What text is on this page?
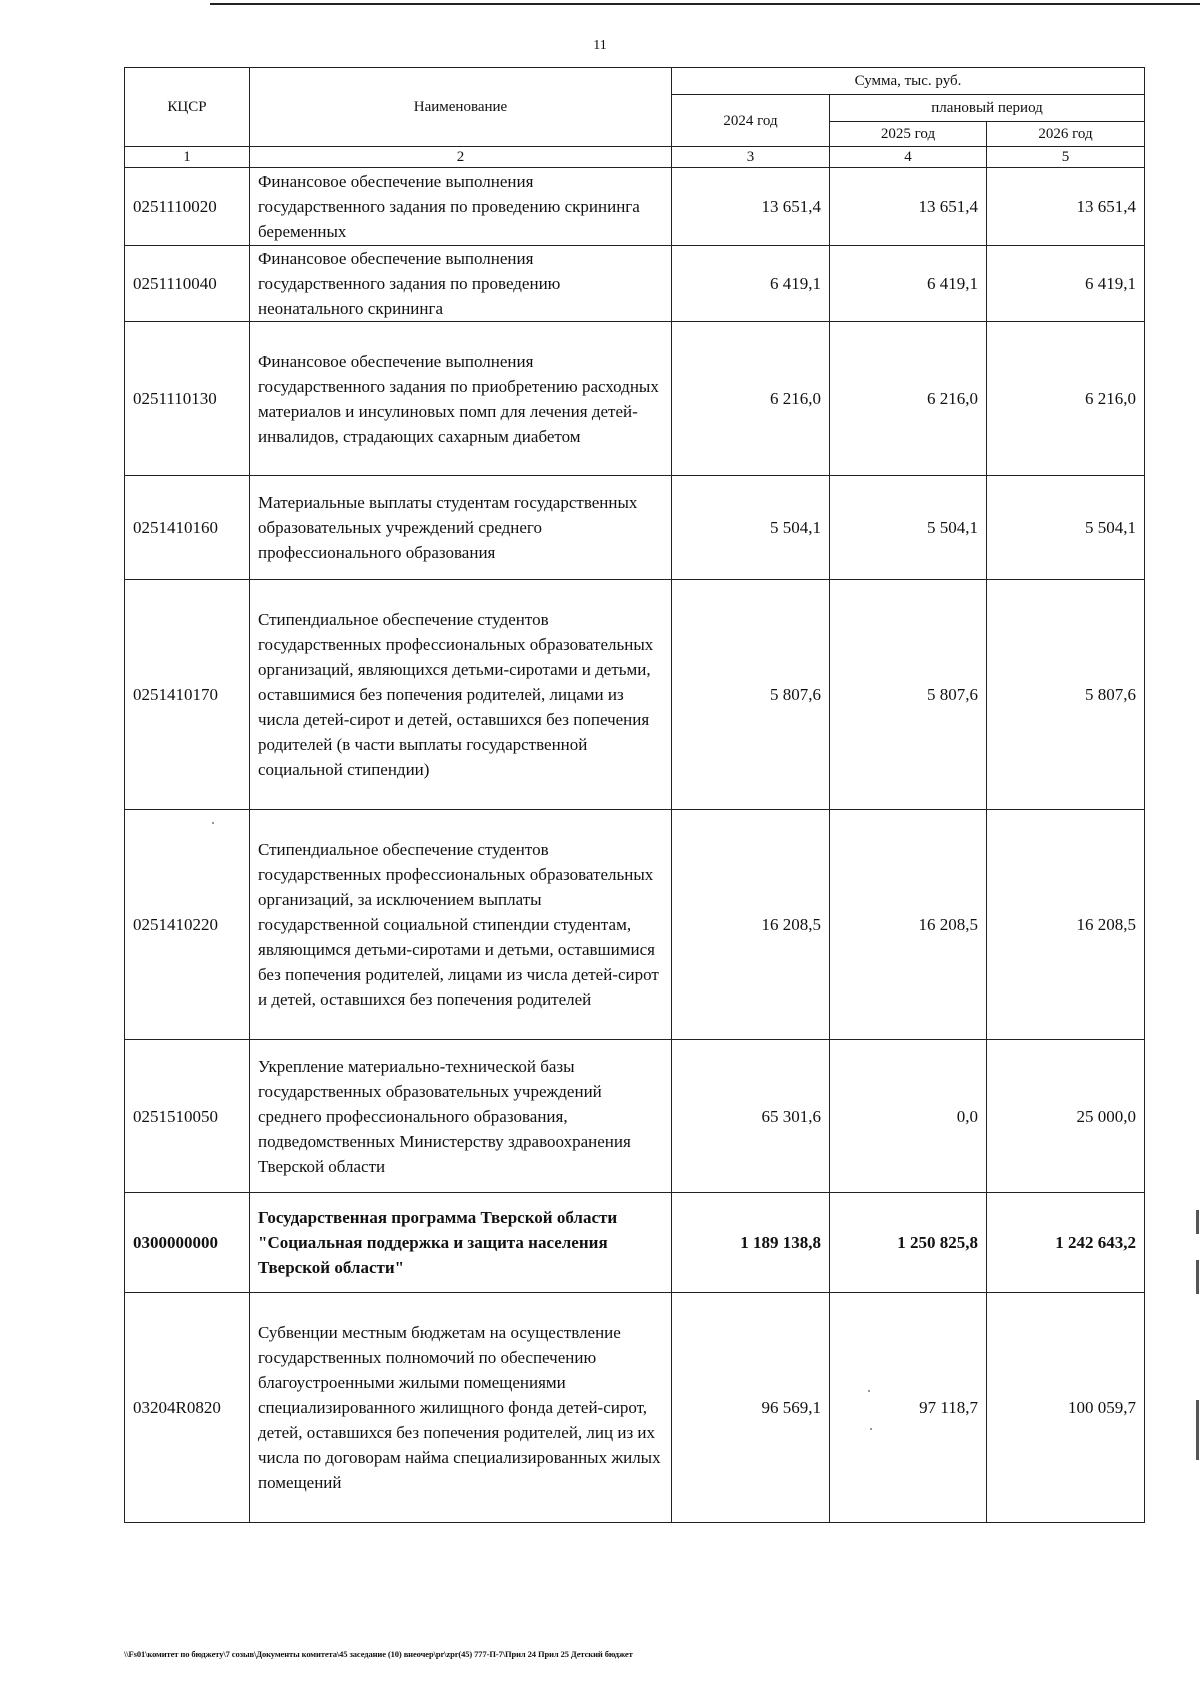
11
КЦСР	Наименование	Сумма, тыс. руб.		
		2024 год	плановый период	
			2025 год	2026 год
1	2	3	4	5
0251110020	Финансовое обеспечение выполнения государственного задания по проведению скрининга беременных	13 651,4	13 651,4	13 651,4
0251110040	Финансовое обеспечение выполнения государственного задания по проведению неонатального скрининга	6 419,1	6 419,1	6 419,1
0251110130	Финансовое обеспечение выполнения государственного задания по приобретению расходных материалов и инсулиновых помп для лечения детей-инвалидов, страдающих сахарным диабетом	6 216,0	6 216,0	6 216,0
0251410160	Материальные выплаты студентам государственных образовательных учреждений среднего профессионального образования	5 504,1	5 504,1	5 504,1
0251410170	Стипендиальное обеспечение студентов государственных профессиональных образовательных организаций, являющихся детьми-сиротами и детьми, оставшимися без попечения родителей, лицами из числа детей-сирот и детей, оставшихся без попечения родителей (в части выплаты государственной социальной стипендии)	5 807,6	5 807,6	5 807,6
0251410220	Стипендиальное обеспечение студентов государственных профессиональных образовательных организаций, за исключением выплаты государственной социальной стипендии студентам, являющимся детьми-сиротами и детьми, оставшимися без попечения родителей, лицами из числа детей-сирот и детей, оставшихся без попечения родителей	16 208,5	16 208,5	16 208,5
0251510050	Укрепление материально-технической базы государственных образовательных учреждений среднего профессионального образования, подведомственных Министерству здравоохранения Тверской области	65 301,6	0,0	25 000,0
0300000000	Государственная программа Тверской области "Социальная поддержка и защита населения Тверской области"	1 189 138,8	1 250 825,8	1 242 643,2
03204R0820	Субвенции местным бюджетам на осуществление государственных полномочий по обеспечению благоустроенными жилыми помещениями специализированного жилищного фонда детей-сирот, детей, оставшихся без попечения родителей, лиц из их числа по договорам найма специализированных жилых помещений	96 569,1	97 118,7	100 059,7
\\Fs01\комитет по бюджету\7 созыв\Документы комитета\45 заседание (10) внеочер\pr\zpr(45) 777-П-7\Прил 24 Прил 25 Детский бюджет
